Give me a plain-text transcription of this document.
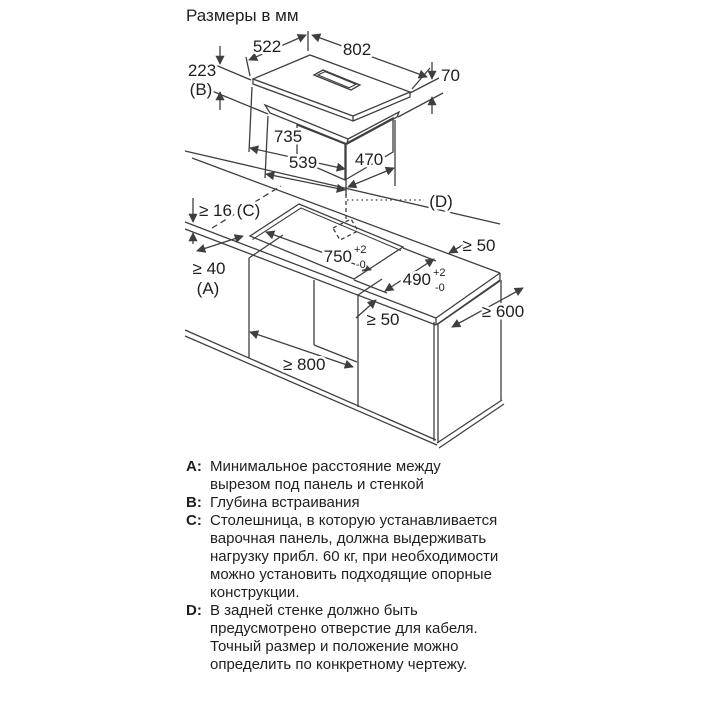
Размеры в мм
522	802
70
223
(B)
735
539 470
≥ 16 (C)
≥ 40
(A)
750 +2
-0
490 +2
-0
≥ 50
≥ 50	≥ 600
≥ 800
(D)
A: Минимальное расстояние между
вырезом под панель и стенкой
B: Глубина встраивания
C: Столешница, в которую устанавливается
варочная панель, должна выдерживать
нагрузку прибл. 60 кг, при необходимости
можно установить подходящие опорные
конструкции.
D: В задней стенке должно быть
предусмотрено отверстие для кабеля.
Точный размер и положение можно
определить по конкретному чертежу.
